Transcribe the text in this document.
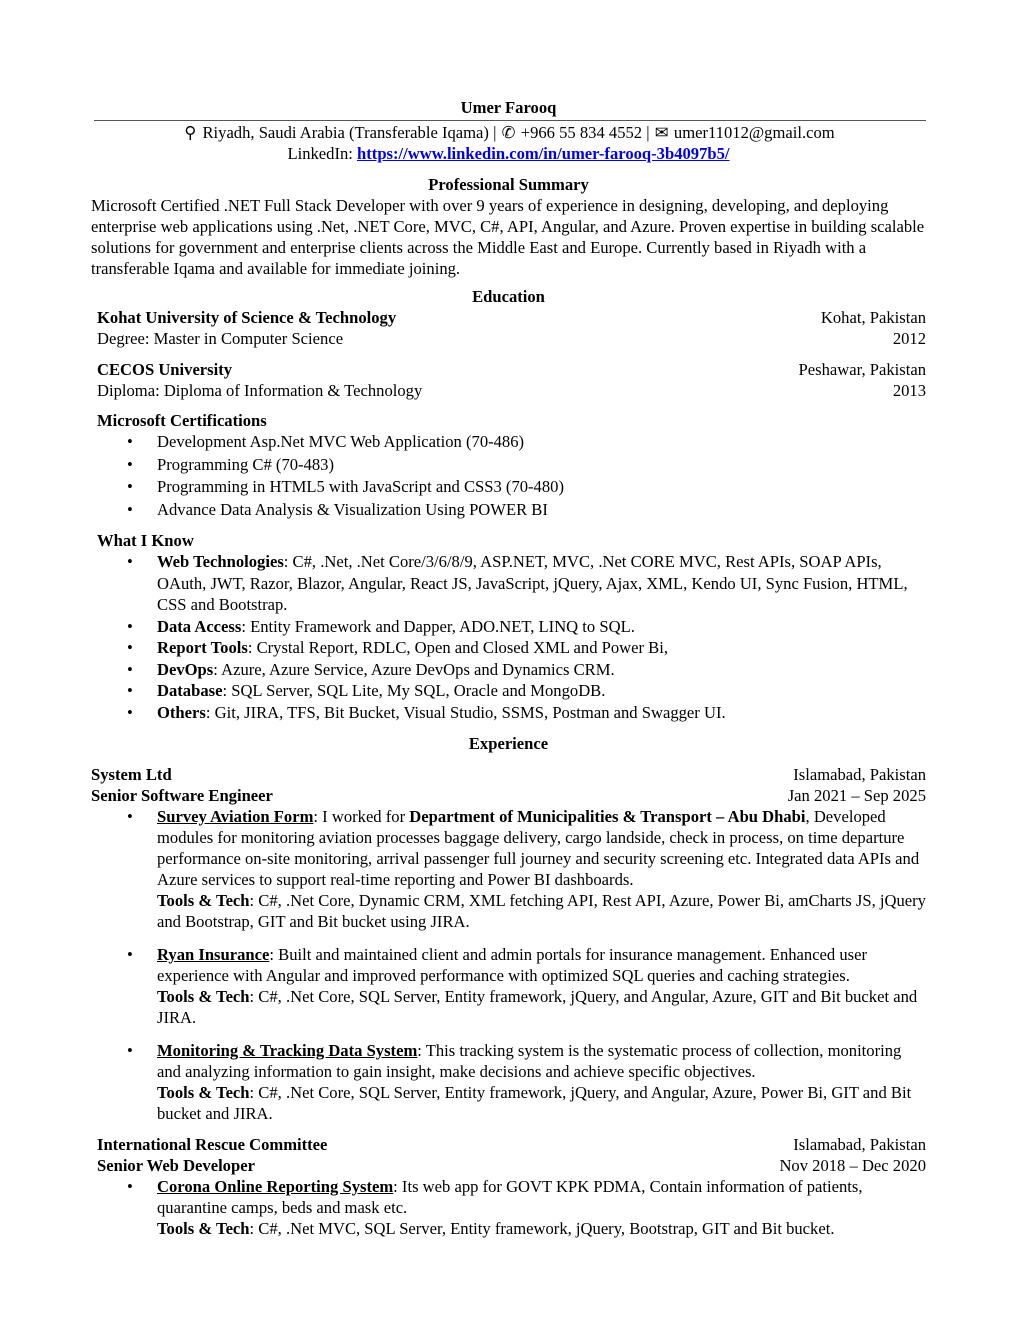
Umer Farooq
⚲ Riyadh, Saudi Arabia (Transferable Iqama) | ✆ +966 55 834 4552 | ✉ umer11012@gmail.com
LinkedIn: https://www.linkedin.com/in/umer-farooq-3b4097b5/
Professional Summary
Microsoft Certified .NET Full Stack Developer with over 9 years of experience in designing, developing, and deploying enterprise web applications using .Net, .NET Core, MVC, C#, API, Angular, and Azure. Proven expertise in building scalable solutions for government and enterprise clients across the Middle East and Europe. Currently based in Riyadh with a transferable Iqama and available for immediate joining.
Education
Kohat University of Science & Technology	Kohat, Pakistan
Degree: Master in Computer Science	2012
CECOS University	Peshawar, Pakistan
Diploma: Diploma of Information & Technology	2013
Microsoft Certifications
• Development Asp.Net MVC Web Application (70-486)
• Programming C# (70-483)
• Programming in HTML5 with JavaScript and CSS3 (70-480)
• Advance Data Analysis & Visualization Using POWER BI
What I Know
• Web Technologies: C#, .Net, .Net Core/3/6/8/9, ASP.NET, MVC, .Net CORE MVC, Rest APIs, SOAP APIs, OAuth, JWT, Razor, Blazor, Angular, React JS, JavaScript, jQuery, Ajax, XML, Kendo UI, Sync Fusion, HTML, CSS and Bootstrap.
• Data Access: Entity Framework and Dapper, ADO.NET, LINQ to SQL.
• Report Tools: Crystal Report, RDLC, Open and Closed XML and Power Bi,
• DevOps: Azure, Azure Service, Azure DevOps and Dynamics CRM.
• Database: SQL Server, SQL Lite, My SQL, Oracle and MongoDB.
• Others: Git, JIRA, TFS, Bit Bucket, Visual Studio, SSMS, Postman and Swagger UI.
Experience
System Ltd	Islamabad, Pakistan
Senior Software Engineer	Jan 2021 – Sep 2025
• Survey Aviation Form: I worked for Department of Municipalities & Transport – Abu Dhabi, Developed modules for monitoring aviation processes baggage delivery, cargo landside, check in process, on time departure performance on-site monitoring, arrival passenger full journey and security screening etc. Integrated data APIs and Azure services to support real-time reporting and Power BI dashboards.
Tools & Tech: C#, .Net Core, Dynamic CRM, XML fetching API, Rest API, Azure, Power Bi, amCharts JS, jQuery and Bootstrap, GIT and Bit bucket using JIRA.
• Ryan Insurance: Built and maintained client and admin portals for insurance management. Enhanced user experience with Angular and improved performance with optimized SQL queries and caching strategies.
Tools & Tech: C#, .Net Core, SQL Server, Entity framework, jQuery, and Angular, Azure, GIT and Bit bucket and JIRA.
• Monitoring & Tracking Data System: This tracking system is the systematic process of collection, monitoring and analyzing information to gain insight, make decisions and achieve specific objectives.
Tools & Tech: C#, .Net Core, SQL Server, Entity framework, jQuery, and Angular, Azure, Power Bi, GIT and Bit bucket and JIRA.
International Rescue Committee	Islamabad, Pakistan
Senior Web Developer	Nov 2018 – Dec 2020
• Corona Online Reporting System: Its web app for GOVT KPK PDMA, Contain information of patients, quarantine camps, beds and mask etc.
Tools & Tech: C#, .Net MVC, SQL Server, Entity framework, jQuery, Bootstrap, GIT and Bit bucket.
